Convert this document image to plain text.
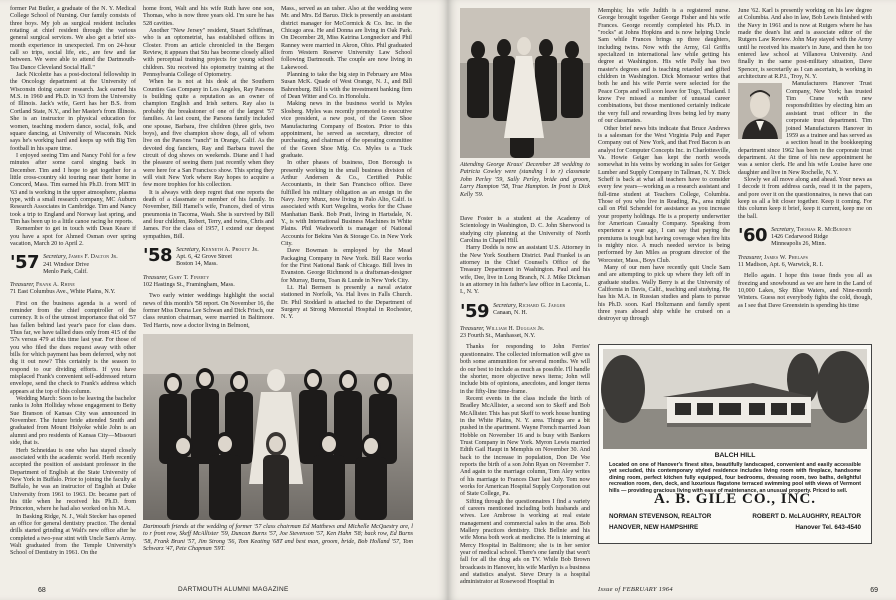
former Pat Butler, a graduate of the N. Y. Medical College School of Nursing. Our family consists of three boys. My job as surgical resident includes rotating at chief resident through the various general surgical services. We also get a brief six-month experience in unexpected. I'm on 24-hour call so trips, social life, etc., are few and far between. We were able to attend the Dartmouth-Tea Dance Cleveland Social Hall."

Jack Nicolette has a post-doctoral fellowship in the Oncology department at the University of Wisconsin doing cancer research. Jack earned his M.S. in 1960 and Ph.D. in '63 from the University of Illinois. Jack's wife, Gerri has her B.S. from Cortland State, N.Y., and her Master's from Illinois. She is an instructor in physical education for women, teaching modern dance, social, folk, and square dancing, at University of Wisconsin. Nick says he's working hard and keeps up with Big Ten football in his spare time.

I enjoyed seeing Tim and Nancy Fohl for a few minutes after some carol singing back in December. Tim and I hope to get together for a little cross-country ski touring near their home in Concord, Mass. Tim earned his Ph.D. from MIT in '63 and is working in the upper atmosphere, plasma type, with a small research company, MC Auburn Research Associates in Cambridge. Tim and Nancy took a trip to England and Norway last spring, and Tim has been up to a little canoe racing he reports.

Remember to get in touch with Dean Keare if you have a spot for Ahmed Osman over spring vacation, March 20 to April 2.

'57 Secretary, James F. Dalton Jr.
241 Windsor Drive
Menlo Park, Calif.

Treasurer, Frank A. Rhine

71 East Columbus Ave., White Plains, N.Y.

First on the business agenda is a word of reminder from the chief comptroller of the currency. It is of the utmost importance that old '57 has fallen behind last year's pace for class dues. Thus far, we have tallied dues only from 415 of the '57s versus 479 at this time last year. For those of you who filed the dues request away with other bills for which payment has been deferred, why not dig it out now? This certainly is the season to respond to our dividing efforts. If you have misplaced Frank's convenient self-addressed return envelope, send the check to Frank's address which appears at the top of this column.

Wedding March: Soon to be leaving the bachelor ranks is John Holliday whose engagement to Betty Sue Branson of Kansas City was announced in November. The future bride attended Smith and graduated from Mount Holyoke while John is an alumni and pro residents of Kansas City—Missouri side, that is.

Herb Schneidau is one who has stayed closely associated with the academic world. Herb recently accepted the position of assistant professor in the Department of English at the State University of New York in Buffalo. Prior to joining the faculty at Buffalo, he was an instructor of English at Duke University from 1961 to 1963. Dr. became part of his title when he received his Ph.D. from Princeton, where he had also worked on his M.A.

In Basking Ridge, N. J., Walt Stecker has opened an office for general dentistry practice. The dental drills started grinding at Walt's new office after he completed a two-year stint with Uncle Sam's Army. Walt graduated from the Temple University's School of Dentistry in 1961. On the

home front, Walt and his wife Ruth have one son, Thomas, who is now three years old. I'm sure he has 528 cavities.

Another "New Jersey" resident, Stuart Schiffman, who is an optometrist, has established offices in Closter. From an article chronicled in the Bergen Review, it appears that Stu has become closely allied with perceptual training projects for young school children. Stu received his optometry training at the Pennsylvania College of Optometry.

When he is not at his desk at the Southern Counties Gas Company in Los Angeles, Ray Parsons is building quite a reputation as an owner of champion English and Irish setters. Ray also is probably the breakstoner of one of the largest '57 families. At last count, the Parsons family included one spouse, Barbara, five children (three girls, two boys), and five champion show dogs, all of whom live on the Parsons "ranch" in Orange, Calif. As the devoted dog fanciers, Ray and Barbara travel the circuit of dog shows on weekends. Diane and I had the pleasure of seeing them just recently when they were here for a San Francisco show. This spring they will visit New York where Ray hopes to acquire a few more trophies for his collection.

It is always with deep regret that one reports the death of a classmate or member of his family. In November, Bill Hamel's wife, Frances, died of virus pneumonia in Tacoma, Wash. She is survived by Bill and four children, Robert, Terry, and twins, Chris and James. For the class of 1957, I extend our deepest sympathies, Bill.

'58 Secretary, Kenneth A. Prouty Jr.
Apt. 6, 42 Grove Street
Boston 14, Mass.

Treasurer, Gary T. Finerty

102 Hastings St., Framingham, Mass.

Two early winter weddings highlight the social news of this month's '58 report. On November 16, the former Miss Donna Lee Schwan and Dick Frisch, our class reunion chairman, were married in Baltimore. Ted Harris, now a doctor living in Belmont,

Mass., served as an usher. Also at the wedding were Mr. and Mrs. Ed Baruo. Dick is presently an assistant district manager for McCormick & Co. Inc. in the Chicago area. He and Donna are living in Oak Park. On December 28, Miss Katrina Longnecker and Phil Ranney were married in Akron, Ohio. Phil graduated from Western Reserve University Law School following Dartmouth. The couple are now living in Lakewood.

Planning to take the big step in February are Miss Susan McK. Quade of West Orange, N. J., and Bill Bahrenburg. Bill is with the investment banking firm of Dean Witter and Co. in Honolulu.

Making news in the business world is Myles Slosberg. Myles was recently promoted to executive vice president, a new post, of the Green Shoe Manufacturing Company of Boston. Prior to this appointment, he served as secretary, director of purchasing, and chairman of the operating committee of the Green Shoe Mfg. Co. Myles is a Tuck graduate.

In other phases of business, Don Borough is presently working in the small business division of Arthur Andersen & Co., Certified Public Accountants, in their San Francisco office. Dave fulfilled his military obligation as an ensign in the Navy. Jerry Munz, now living in Palo Alto, Calif. is associated with Kurt Wegelins, works for the Chase Manhattan Bank. Bob Pratt, living in Hartsdale, N. Y., is with International Business Machines in White Plains. Phil Wadsworth is manager of National Accounts for Bekins Van & Storage Co. in New York City.

Dave Bowman is employed by the Mead Packaging Company in New York. Bill Race works for the First National Bank of Chicago. Bill lives in Evanston. George Richmond is a draftsman-designer for Murray, Burns, Toan & Lunde in New York City.

Lt. Hal Bernsen is presently a naval aviator stationed in Norfolk, Va. Hal lives in Falls Church. Dr. Phil Stoddard is attached to the Department of Surgery at Strong Memorial Hospital in Rochester, N. Y.

Dartmouth friends at the wedding of former '57 class chairman Ed Matthews and Michelle McQuestry are, l to r front row, Skeff McAllister '59, Duncan Burns '57, Joe Stevenson '57, Ken Hahn '58; back row, Ed Burns '58, Frank Bruni '57, Jim Strong '56, Tom Keating '68T and best man, groom, bride, Bob Holland '57, Tom Schwarz '47, Pete Chapman '59T.
68	DARTMOUTH ALUMNI MAGAZINE
Attending George Kraus' December 28 wedding to Patricia Cowley were (standing l to r) classmate John Perley '59, Sally Perley, bride and groom, Larry Hampton '58, True Hampton. In front is Dick Kelly '59.

Dave Foster is a student at the Academy of Scientology in Washington, D. C. John Sherwood is studying city planning at the University of North Carolina in Chapel Hill.

Harry Dodds is now an assistant U.S. Attorney in the New York Southern District. Paul Frankel is an attorney in the Chief Counsel's Office of the Treasury Department in Washington. Paul and his wife, Dee, live in Long Branch, N. J. Mike Dickman is an attorney in his father's law office in Laconia, L. I., N. Y.

'59 Secretary, Richard G. Jaeger
Canaan, N. H.

Treasurer, William H. Duggan Jr.

23 Fourth St., Manhasset, N.Y.

Thanks for responding to John Ferries' questionnaire. The collected information will give us both some ammunition for several months. We will do our best to include as much as possible. I'll handle the shorter, more objective news items; John will include bits of opinions, anecdotes, and longer items in the fifty-line time-frame.

Recent events in the class include the birth of Bradley McAllister, a second son to Skeff and Bob McAllister. This has put Skeff to work house hunting in the White Plains, N. Y. area. Things are a bit pushed in the apartment. Wayne French married Joan Hobble on November 16 and is busy with Bankers Trust Company in New York. Myron Lewis married Edith Gail Haupt in Memphis on November 30. And back to the increase in population, Don De Voe reports the birth of a son John Ryan on November 7. And again to the marriage column, Tom Aley writes of his marriage to Frances Darr last July. Tom now works for American Hospital Supply Corporation out of State College, Pa.

Sifting through the questionnaires I find a variety of careers mentioned including both husbands and wives. Lee Ambrose is working at real estate management and commercial sales in the area. Bob Mallery practices dentistry. Dick Bellnie and his wife Mona both work at medicine. He is interning at Mercy Hospital in Baltimore; she is in her senior year of medical school. There's one family that won't fall for all the drug ads on TV. While Bob Brown broadcasts in Hanover, his wife Marilyn is a business and statistics analyst. Steve Drury is a hospital administrator at Rosewood Hospital in

Memphis; his wife Judith is a registered nurse. George brought together George Fisher and his wife Frances. George recently completed his Ph.D. in "rocks" at Johns Hopkins and is now helping Uncle Sam while Frances brings up three daughters, including twins. Now with the Army, Gil Griffis specialized in international law while getting his degree at Washington. His wife Polly has two master's degrees and is teaching retarded and gifted children in Washington. Dick Momsour writes that both he and his wife Perrie were selected for the Peace Corps and will soon leave for Togo, Thailand. I know I've missed a number of unusual career combinations, but those mentioned certainly indicate the very full and rewarding lives being led by many of our classmates.

Other brief news bits indicate that Bruce Andrews is a salesman for the West Virginia Pulp and Paper Company out of New York, and that Fred Bacon is an analyst for Computer Concepts Inc. in Charlottesville, Va. Howie Geiger has kept the north woods somewhat in his veins by working in sales for Geiger Lumber and Supply Company in Tallman, N. Y. Dick Scheff is back at what all teachers have to consider every few years—working as a research assistant and full-time student at Teachers College, Columbia. Those of you who live in Reading, Pa., area might call on Phil Schendel for assistance as you increase your property holdings. He is a property underwriter for American Casualty Company. Speaking from experience a year ago, I can say that paying the premiums is tough but having coverage when fire hits is mighty nice. A much needed service is being performed by Jan Miles as program director of the Worcester, Mass., Boys Club.

Many of our men have recently quit Uncle Sam and are attempting to pick up where they left off in graduate studies. Wally Berry is at the University of California in Davis, Calif., teaching and studying. He has his M.A. in Russian studies and plans to pursue his Ph.D. soon. Karl Holtzmann and family spent three years aboard ship while he cruised on a destroyer up through

June '62. Karl is presently working on his law degree at Columbia. And also in law, Bob Lewis finished with the Navy in 1961 and is now at Rutgers where he has made the dean's list and is associate editor of the Rutgers Law Review. John May stayed with the Army until he received his master's in June, and then he too entered law school at Villanova University. And finally in the same post-military situation, Dave Spencer, is secretarily as I can ascertain, is working in architecture at R.P.I., Troy, N. Y.

Manufacturers Hanover Trust Company, New York; has trusted Tim Crane with new responsibilities by electing him an assistant trust officer in the corporate trust department. Tim joined Manufacturers Hanover in 1959 as a trainee and has served as a section head in the bookkeeping department since 1962 has been in the corporate trust department. At the time of his new appointment he was a senior clerk. He and his wife Louise have one daughter and live in New Rochelle, N. Y.

Slowly we all move along and ahead. Your news as I decode it from address cards, read it in the papers, and pore over it on the questionnaires, is news that can keep us all a bit closer together. Keep it coming. For this column keep it brief, keep it current, keep me on the ball.

'60 Secretary, Thomas R. McBurney
1426 Cedarwood Ridge
Minneapolis 26, Minn.

Treasurer, James W. Phelaps

11 Madison, Apt. 6, Warwick, R. I.

Hello again. I hope this issue finds you all as freezing and snowbound as we are here in the Land of 10,000 Lakes, Sky Blue Waters, and Nine-month Winters. Guess not everybody fights the cold, though, as I see that Dave Greenstein is spending his time

BALCH HILL
Located on one of Hanover's finest sites, beautifully landscaped, convenient and easily accessible yet secluded, this contemporary styled residence includes living room with fireplace, handsome dining room, perfect kitchen fully equipped, four bedrooms, dressing room, two baths, delightful recreation room, den, deck, and luxurious flagstone terraced swimming pool with views of Vermont hills — providing gracious living with ease of maintenance, an unusual property. Priced to sell.
A. B. GILE CO., INC.
NORMAN STEVENSON, REALTOR	ROBERT D. McLAUGHRY, REALTOR
HANOVER, NEW HAMPSHIRE	Hanover Tel. 643-4540
Issue of FEBRUARY 1964	69
